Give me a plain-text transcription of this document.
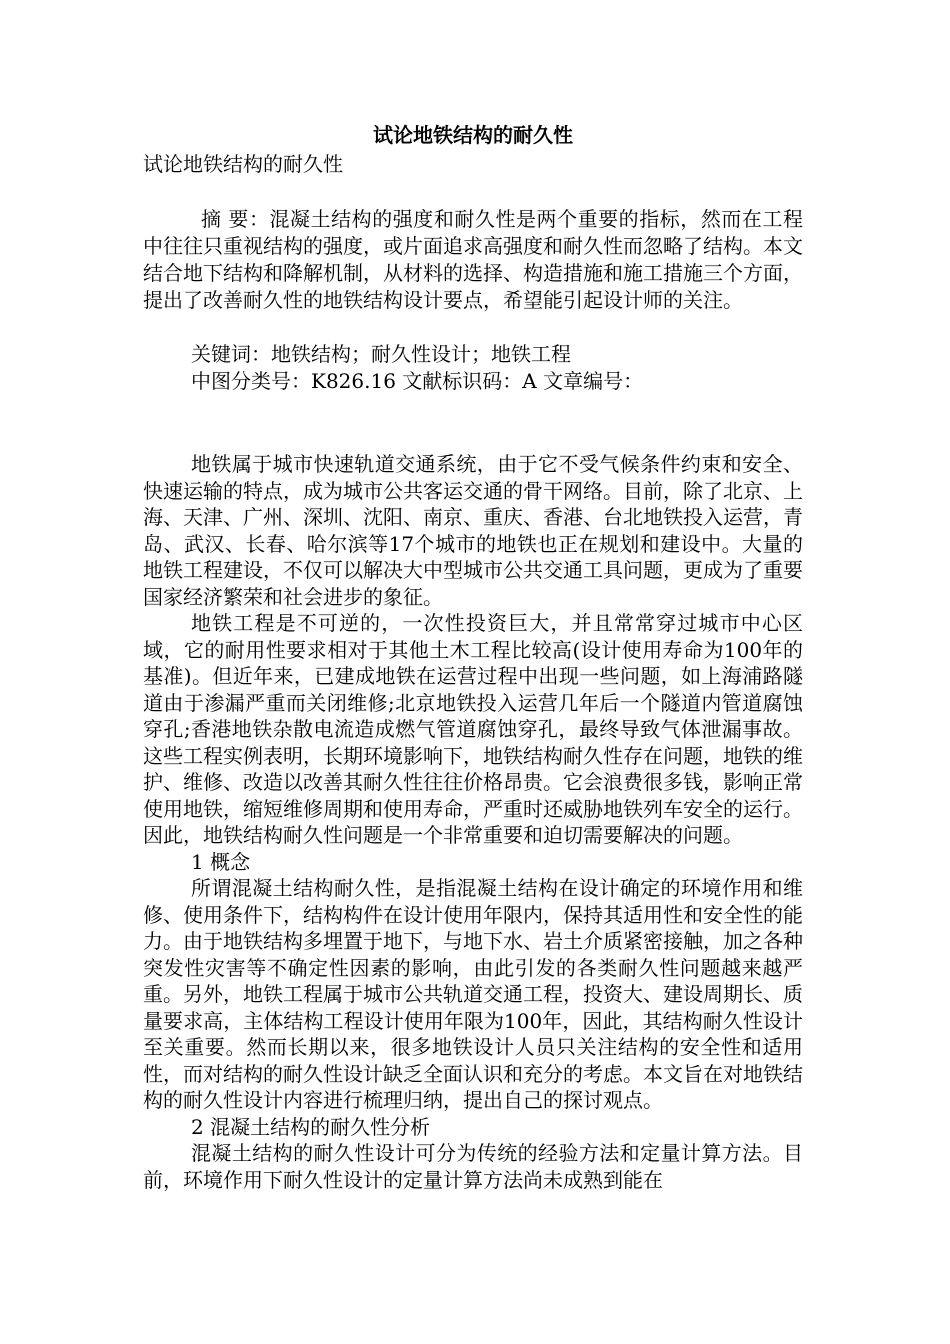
试论地铁结构的耐久性

试论地铁结构的耐久性

摘 要：混凝土结构的强度和耐久性是两个重要的指标，然而在工程中往往只重视结构的强度，或片面追求高强度和耐久性而忽略了结构。本文结合地下结构和降解机制，从材料的选择、构造措施和施工措施三个方面，提出了改善耐久性的地铁结构设计要点，希望能引起设计师的关注。

关键词：地铁结构；耐久性设计；地铁工程
中图分类号：K826.16 文献标识码：A 文章编号：

地铁属于城市快速轨道交通系统，由于它不受气候条件约束和安全、快速运输的特点，成为城市公共客运交通的骨干网络。目前，除了北京、上海、天津、广州、深圳、沈阳、南京、重庆、香港、台北地铁投入运营，青岛、武汉、长春、哈尔滨等17个城市的地铁也正在规划和建设中。大量的地铁工程建设，不仅可以解决大中型城市公共交通工具问题，更成为了重要国家经济繁荣和社会进步的象征。

地铁工程是不可逆的，一次性投资巨大，并且常常穿过城市中心区域，它的耐用性要求相对于其他土木工程比较高(设计使用寿命为100年的基准)。但近年来，已建成地铁在运营过程中出现一些问题，如上海浦路隧道由于渗漏严重而关闭维修;北京地铁投入运营几年后一个隧道内管道腐蚀穿孔;香港地铁杂散电流造成燃气管道腐蚀穿孔，最终导致气体泄漏事故。这些工程实例表明，长期环境影响下，地铁结构耐久性存在问题，地铁的维护、维修、改造以改善其耐久性往往价格昂贵。它会浪费很多钱，影响正常使用地铁，缩短维修周期和使用寿命，严重时还威胁地铁列车安全的运行。因此，地铁结构耐久性问题是一个非常重要和迫切需要解决的问题。

1 概念

所谓混凝土结构耐久性，是指混凝土结构在设计确定的环境作用和维修、使用条件下，结构构件在设计使用年限内，保持其适用性和安全性的能力。由于地铁结构多埋置于地下，与地下水、岩土介质紧密接触，加之各种突发性灾害等不确定性因素的影响，由此引发的各类耐久性问题越来越严重。另外，地铁工程属于城市公共轨道交通工程，投资大、建设周期长、质量要求高，主体结构工程设计使用年限为100年，因此，其结构耐久性设计至关重要。然而长期以来，很多地铁设计人员只关注结构的安全性和适用性，而对结构的耐久性设计缺乏全面认识和充分的考虑。本文旨在对地铁结构的耐久性设计内容进行梳理归纳，提出自己的探讨观点。

2 混凝土结构的耐久性分析

混凝土结构的耐久性设计可分为传统的经验方法和定量计算方法。目前，环境作用下耐久性设计的定量计算方法尚未成熟到能在
